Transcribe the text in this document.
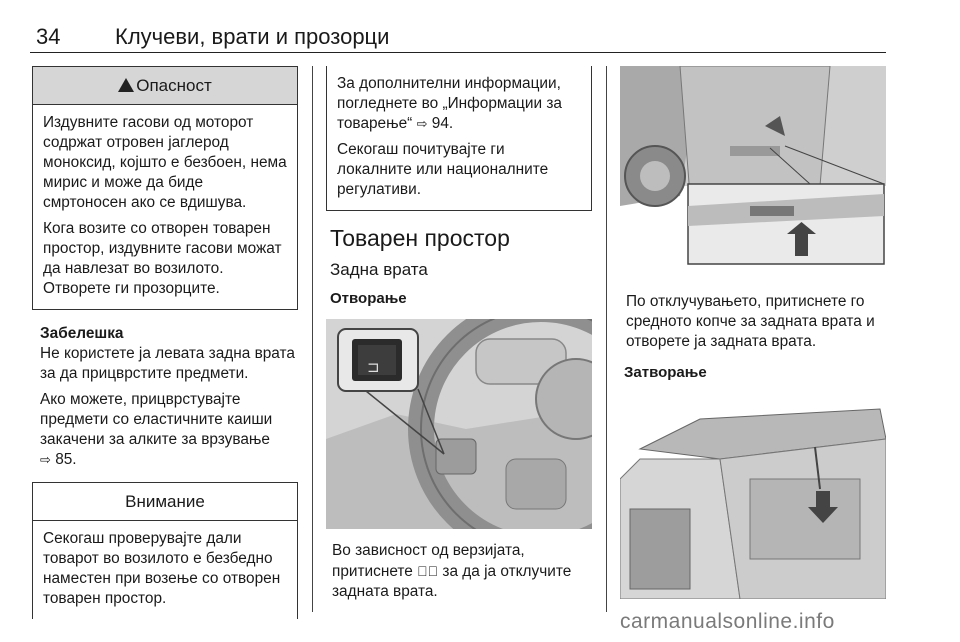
34 Клучеви, врати и прозорци
Опасност

Издувните гасови од моторот содржат отровен јаглерод моноксид, којшто е безбоен, нема мирис и може да биде смртоносен ако се вдишува.

Кога возите со отворен товарен простор, издувните гасови можат да навлезат во возилото. Отворете ги прозорците.

Забелешка

Не користете ја левата задна врата за да прицврстите предмети.

Ако можете, прицврстувајте предмети со еластичните каиши закачени за алките за врзување
⇨ 85.

Внимание

Секогаш проверувајте дали товарот во возилото е безбедно наместен при возење со отворен товарен простор.

За дополнителни информации, погледнете во „Информации за товарење“ ⇨ 94.

Секогаш почитувајте ги локалните или националните регулативи.

Товарен простор
Задна врата
Отворање
⊐

Во зависност од верзијата, притиснете ⊐⃝ за да ја отклучите задната врата.

По отклучувањето, притиснете го средното копче за задната врата и отворете ја задната врата.

Затворање
carmanualsonline.info
